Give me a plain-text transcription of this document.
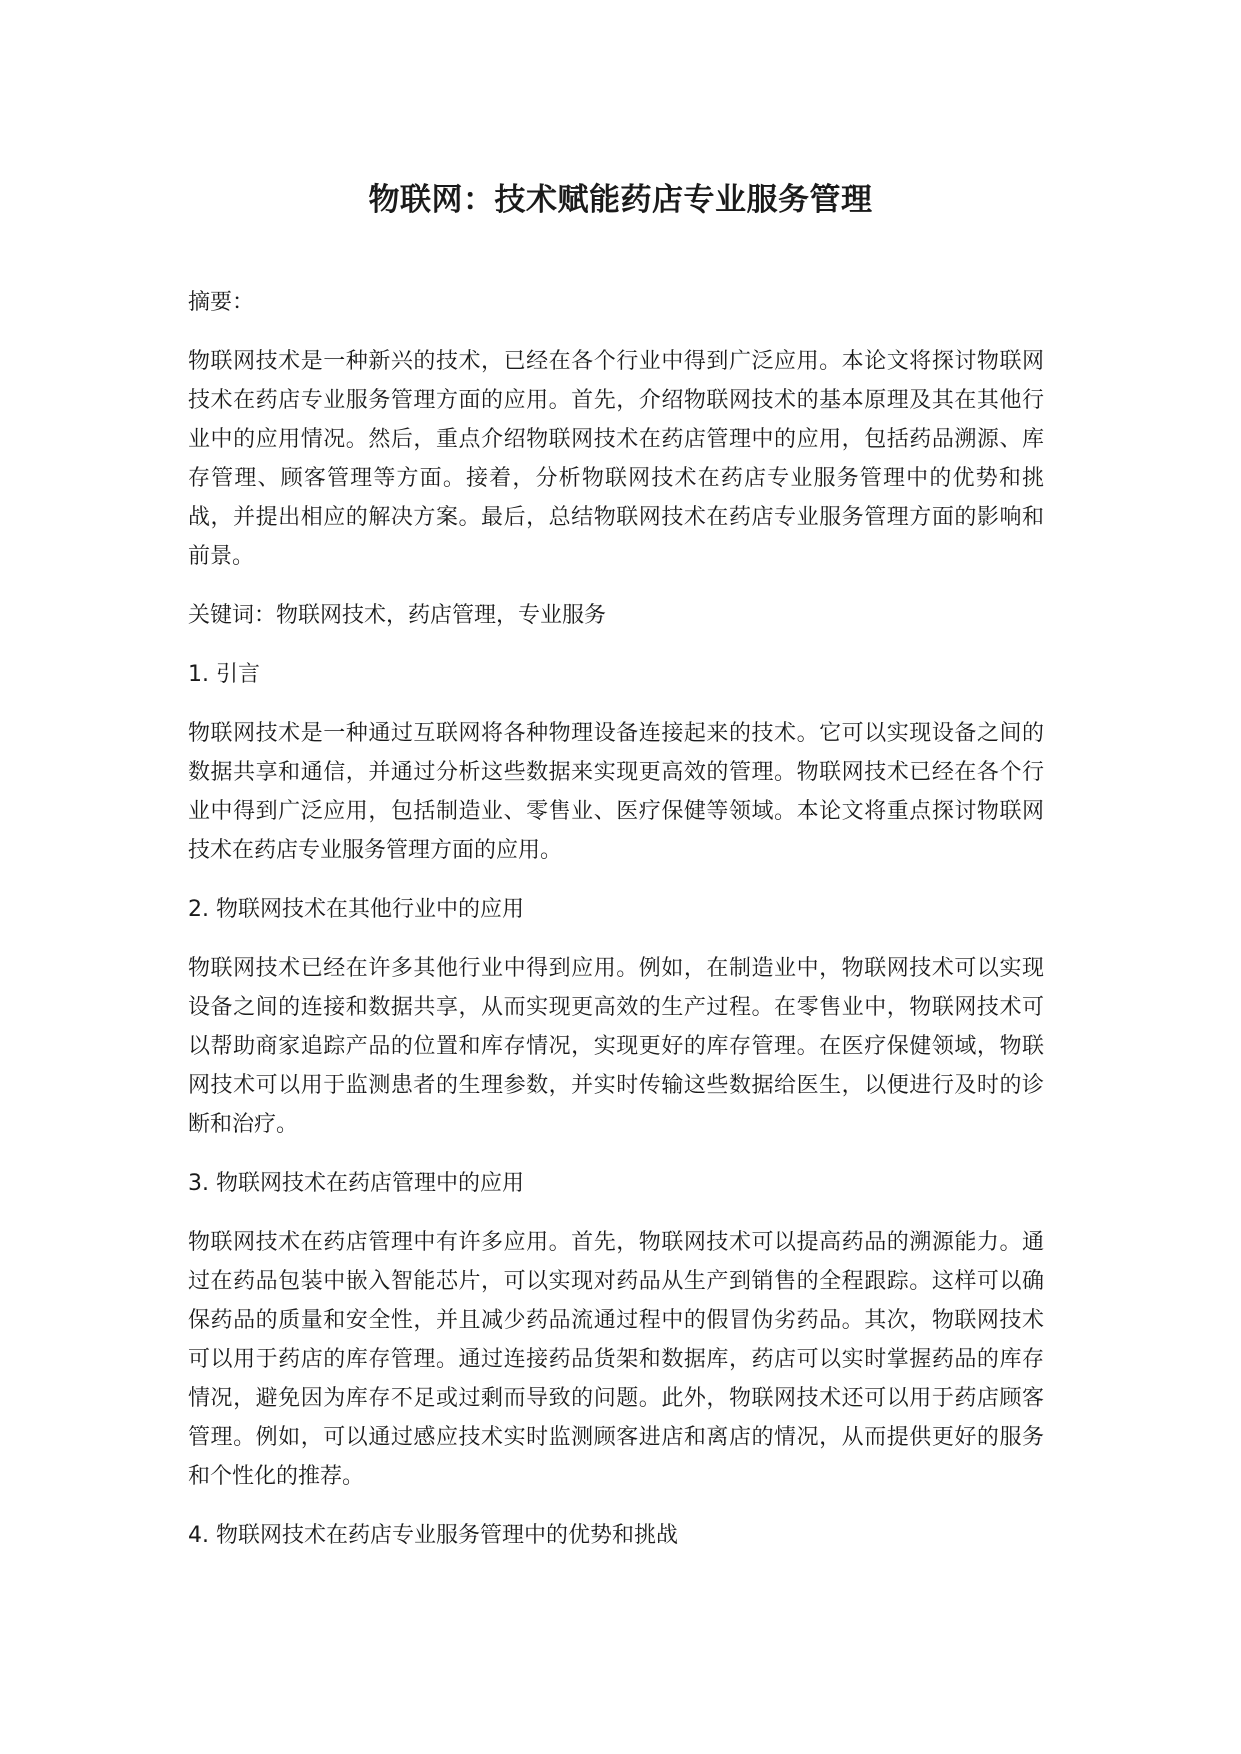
物联网：技术赋能药店专业服务管理

摘要：

物联网技术是一种新兴的技术，已经在各个行业中得到广泛应用。本论文将探讨物联网技术在药店专业服务管理方面的应用。首先，介绍物联网技术的基本原理及其在其他行业中的应用情况。然后，重点介绍物联网技术在药店管理中的应用，包括药品溯源、库存管理、顾客管理等方面。接着，分析物联网技术在药店专业服务管理中的优势和挑战，并提出相应的解决方案。最后，总结物联网技术在药店专业服务管理方面的影响和前景。

关键词：物联网技术，药店管理，专业服务

1. 引言

物联网技术是一种通过互联网将各种物理设备连接起来的技术。它可以实现设备之间的数据共享和通信，并通过分析这些数据来实现更高效的管理。物联网技术已经在各个行业中得到广泛应用，包括制造业、零售业、医疗保健等领域。本论文将重点探讨物联网技术在药店专业服务管理方面的应用。

2. 物联网技术在其他行业中的应用

物联网技术已经在许多其他行业中得到应用。例如，在制造业中，物联网技术可以实现设备之间的连接和数据共享，从而实现更高效的生产过程。在零售业中，物联网技术可以帮助商家追踪产品的位置和库存情况，实现更好的库存管理。在医疗保健领域，物联网技术可以用于监测患者的生理参数，并实时传输这些数据给医生，以便进行及时的诊断和治疗。

3. 物联网技术在药店管理中的应用

物联网技术在药店管理中有许多应用。首先，物联网技术可以提高药品的溯源能力。通过在药品包装中嵌入智能芯片，可以实现对药品从生产到销售的全程跟踪。这样可以确保药品的质量和安全性，并且减少药品流通过程中的假冒伪劣药品。其次，物联网技术可以用于药店的库存管理。通过连接药品货架和数据库，药店可以实时掌握药品的库存情况，避免因为库存不足或过剩而导致的问题。此外，物联网技术还可以用于药店顾客管理。例如，可以通过感应技术实时监测顾客进店和离店的情况，从而提供更好的服务和个性化的推荐。

4. 物联网技术在药店专业服务管理中的优势和挑战
